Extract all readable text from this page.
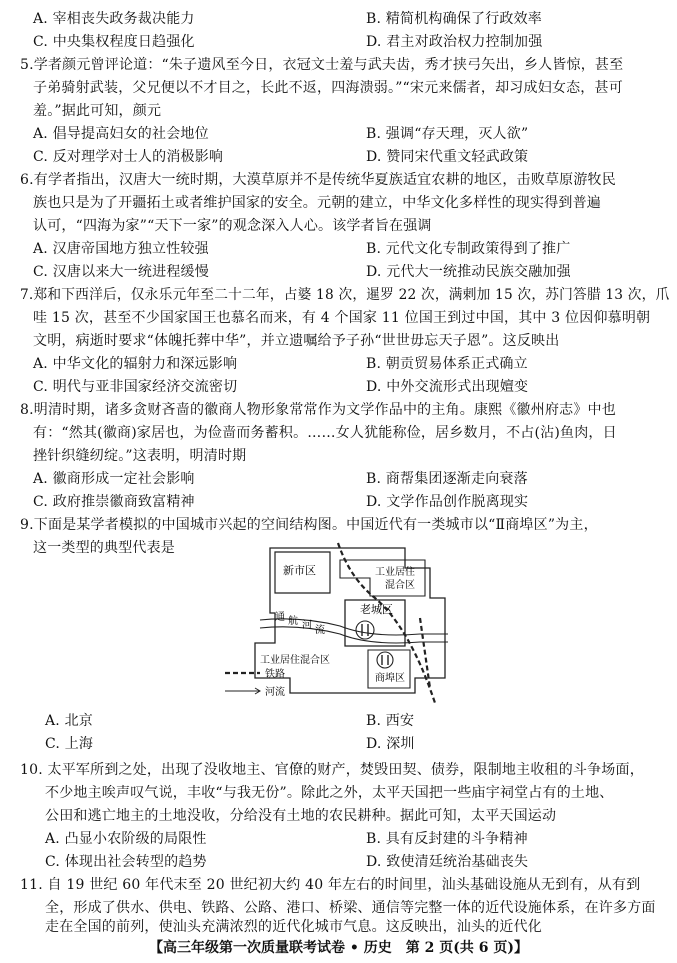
A. 宰相丧失政务裁决能力	B. 精简机构确保了行政效率
C. 中央集权程度日趋强化	D. 君主对政治权力控制加强
5.学者颜元曾评论道：“朱子遗风至今日，衣冠文士羞与武夫齿，秀才挟弓矢出，乡人皆惊，甚至
子弟骑射武装，父兄便以不才目之，长此不返，四海溃弱。”“宋元来儒者，却习成妇女态，甚可
羞。”据此可知，颜元
A. 倡导提高妇女的社会地位	B. 强调“存天理，灭人欲”
C. 反对理学对士人的消极影响	D. 赞同宋代重文轻武政策
6.有学者指出，汉唐大一统时期，大漠草原并不是传统华夏族适宜农耕的地区，击败草原游牧民
族也只是为了开疆拓土或者维护国家的安全。元朝的建立，中华文化多样性的现实得到普遍
认可，“四海为家”“天下一家”的观念深入人心。该学者旨在强调
A. 汉唐帝国地方独立性较强	B. 元代文化专制政策得到了推广
C. 汉唐以来大一统进程缓慢	D. 元代大一统推动民族交融加强
7.郑和下西洋后，仅永乐元年至二十二年，占婆 18 次，暹罗 22 次，满剌加 15 次，苏门答腊 13 次，爪
哇 15 次，甚至不少国家国王也慕名而来，有 4 个国家 11 位国王到过中国，其中 3 位因仰慕明朝
文明，病逝时要求“体魄托葬中华”，并立遗嘱给予子孙“世世毋忘天子恩”。这反映出
A. 中华文化的辐射力和深远影响	B. 朝贡贸易体系正式确立
C. 明代与亚非国家经济交流密切	D. 中外交流形式出现嬗变
8.明清时期，诸多贪财吝啬的徽商人物形象常常作为文学作品中的主角。康熙《徽州府志》中也
有：“然其(徽商)家居也，为俭啬而务蓄积。……女人犹能称俭，居乡数月，不占(沾)鱼肉，日
挫针织缝纫绽。”这表明，明清时期
A. 徽商形成一定社会影响	B. 商帮集团逐渐走向衰落
C. 政府推崇徽商致富精神	D. 文学作品创作脱离现实
9.下面是某学者模拟的中国城市兴起的空间结构图。中国近代有一类城市以“Ⅱ商埠区”为主，
这一类型的典型代表是
新市区	工业居住
混合区
老城区
通 航 河 流
工业居住混合区
商埠区
铁路
河流
A. 北京	B. 西安
C. 上海	D. 深圳
10. 太平军所到之处，出现了没收地主、官僚的财产，焚毁田契、债券，限制地主收租的斗争场面，
不少地主唉声叹气说，丰收“与我无份”。除此之外，太平天国把一些庙宇祠堂占有的土地、
公田和逃亡地主的土地没收，分给没有土地的农民耕种。据此可知，太平天国运动
A. 凸显小农阶级的局限性	B. 具有反封建的斗争精神
C. 体现出社会转型的趋势	D. 致使清廷统治基础丧失
11. 自 19 世纪 60 年代末至 20 世纪初大约 40 年左右的时间里，汕头基础设施从无到有，从有到
全，形成了供水、供电、铁路、公路、港口、桥梁、通信等完整一体的近代设施体系，在许多方面
走在全国的前列，使汕头充满浓烈的近代化城市气息。这反映出，汕头的近代化
【高三年级第一次质量联考试卷 • 历史　第 2 页(共 6 页)】
